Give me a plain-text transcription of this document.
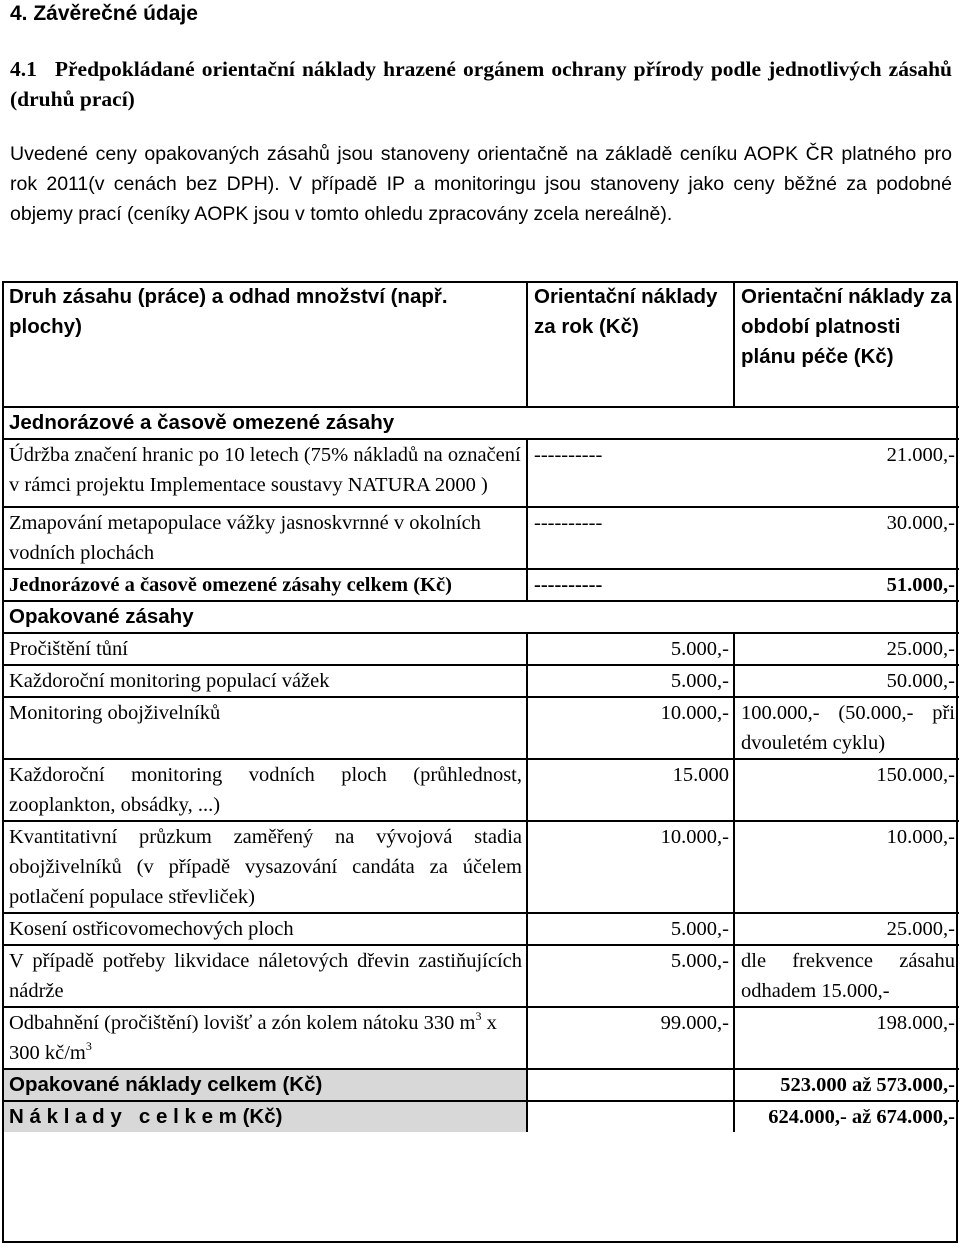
4. Závěrečné údaje
4.1 Předpokládané orientační náklady hrazené orgánem ochrany přírody podle jednotlivých zásahů (druhů prací)

Uvedené ceny opakovaných zásahů jsou stanoveny orientačně na základě ceníku AOPK ČR platného pro rok 2011(v cenách bez DPH). V případě IP a monitoringu jsou stanoveny jako ceny běžné za podobné objemy prací (ceníky AOPK jsou v tomto ohledu zpracovány zcela nereálně).

Druh zásahu (práce) a odhad množství (např. plochy)	Orientační náklady za rok (Kč)	Orientační náklady za období platnosti plánu péče (Kč)
Jednorázové a časově omezené zásahy		
Údržba značení hranic po 10 letech (75% nákladů na označení v rámci projektu Implementace soustavy NATURA 2000 )	----------	21.000,-
Zmapování metapopulace vážky jasnoskvrnné v okolních vodních plochách	----------	30.000,-
Jednorázové a časově omezené zásahy celkem (Kč)	----------	51.000,-
Opakované zásahy		
Pročištění tůní	5.000,-	25.000,-
Každoroční monitoring populací vážek	5.000,-	50.000,-
Monitoring obojživelníků	10.000,-	100.000,- (50.000,- při dvouletém cyklu)
Každoroční monitoring vodních ploch (průhlednost, zooplankton, obsádky, ...)	15.000	150.000,-
Kvantitativní průzkum zaměřený na vývojová stadia obojživelníků (v případě vysazování candáta za účelem potlačení populace střevliček)	10.000,-	10.000,-
Kosení ostřicovomechových ploch	5.000,-	25.000,-
V případě potřeby likvidace náletových dřevin zastiňujících nádrže	5.000,-	dle frekvence zásahu odhadem 15.000,-
Odbahnění (pročištění) lovišť a zón kolem nátoku 330 $m^3$ x 300 $kč/m^3$	99.000,-	198.000,-
Opakované náklady celkem (Kč)		523.000 až 573.000,-
N á k l a d y   c e l k e m (Kč)		624.000,- až 674.000,-
